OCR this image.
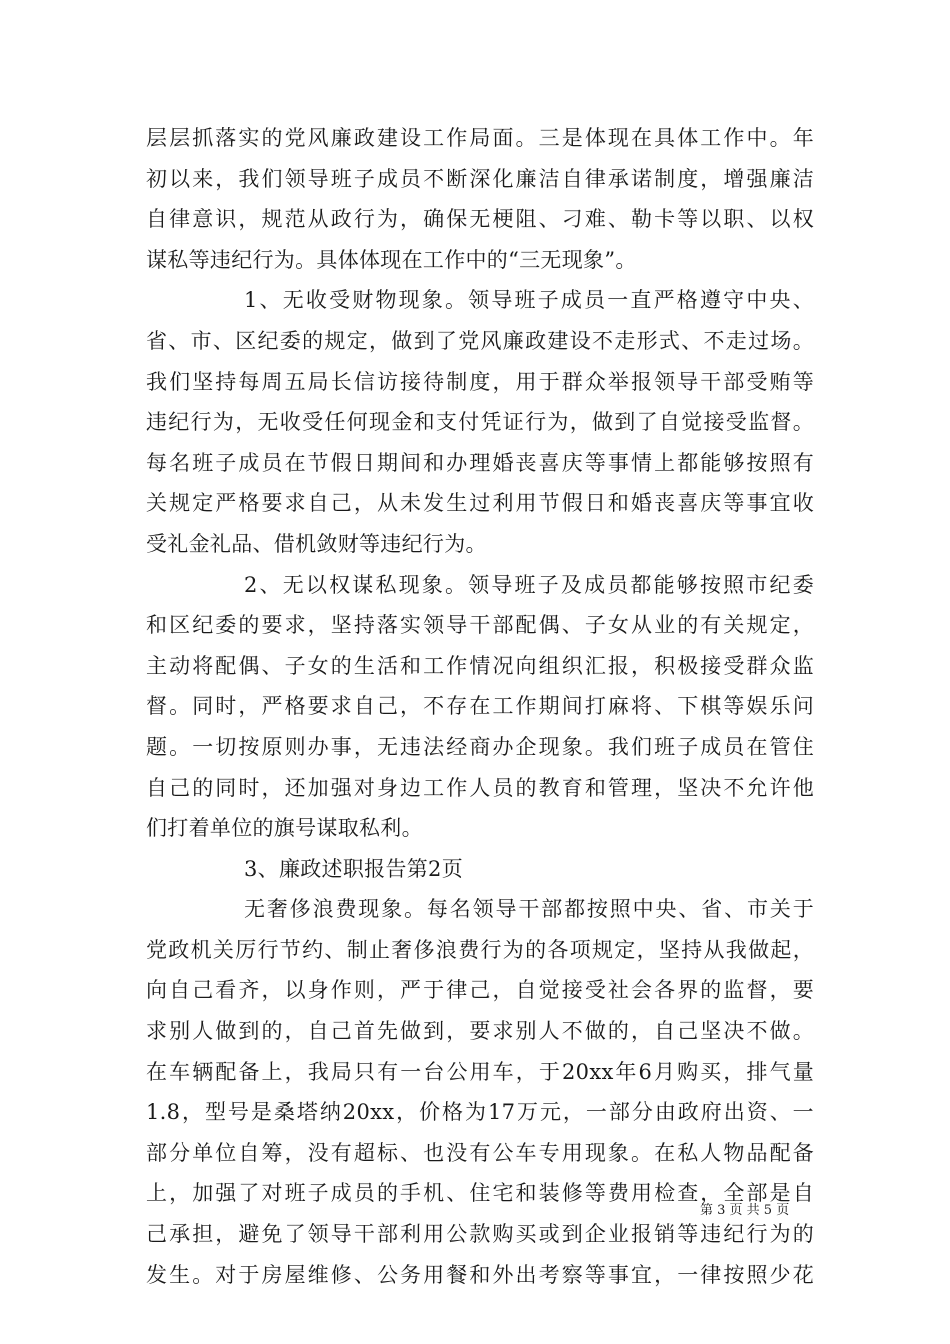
层层抓落实的党风廉政建设工作局面。三是体现在具体工作中。年
初以来，我们领导班子成员不断深化廉洁自律承诺制度，增强廉洁
自律意识，规范从政行为，确保无梗阻、刁难、勒卡等以职、以权
谋私等违纪行为。具体体现在工作中的“三无现象”。
1、无收受财物现象。领导班子成员一直严格遵守中央、
省、市、区纪委的规定，做到了党风廉政建设不走形式、不走过场。
我们坚持每周五局长信访接待制度，用于群众举报领导干部受贿等
违纪行为，无收受任何现金和支付凭证行为，做到了自觉接受监督。
每名班子成员在节假日期间和办理婚丧喜庆等事情上都能够按照有
关规定严格要求自己，从未发生过利用节假日和婚丧喜庆等事宜收
受礼金礼品、借机敛财等违纪行为。
2、无以权谋私现象。领导班子及成员都能够按照市纪委
和区纪委的要求，坚持落实领导干部配偶、子女从业的有关规定，
主动将配偶、子女的生活和工作情况向组织汇报，积极接受群众监
督。同时，严格要求自己，不存在工作期间打麻将、下棋等娱乐问
题。一切按原则办事，无违法经商办企现象。我们班子成员在管住
自己的同时，还加强对身边工作人员的教育和管理，坚决不允许他
们打着单位的旗号谋取私利。
3、廉政述职报告第2页
无奢侈浪费现象。每名领导干部都按照中央、省、市关于
党政机关厉行节约、制止奢侈浪费行为的各项规定，坚持从我做起，
向自己看齐，以身作则，严于律己，自觉接受社会各界的监督，要
求别人做到的，自己首先做到，要求别人不做的，自己坚决不做。
在车辆配备上，我局只有一台公用车，于20xx年6月购买，排气量
1.8，型号是桑塔纳20xx，价格为17万元，一部分由政府出资、一
部分单位自筹，没有超标、也没有公车专用现象。在私人物品配备
上，加强了对班子成员的手机、住宅和装修等费用检查，全部是自
己承担，避免了领导干部利用公款购买或到企业报销等违纪行为的
发生。对于房屋维修、公务用餐和外出考察等事宜，一律按照少花
第 3 页 共 5 页
